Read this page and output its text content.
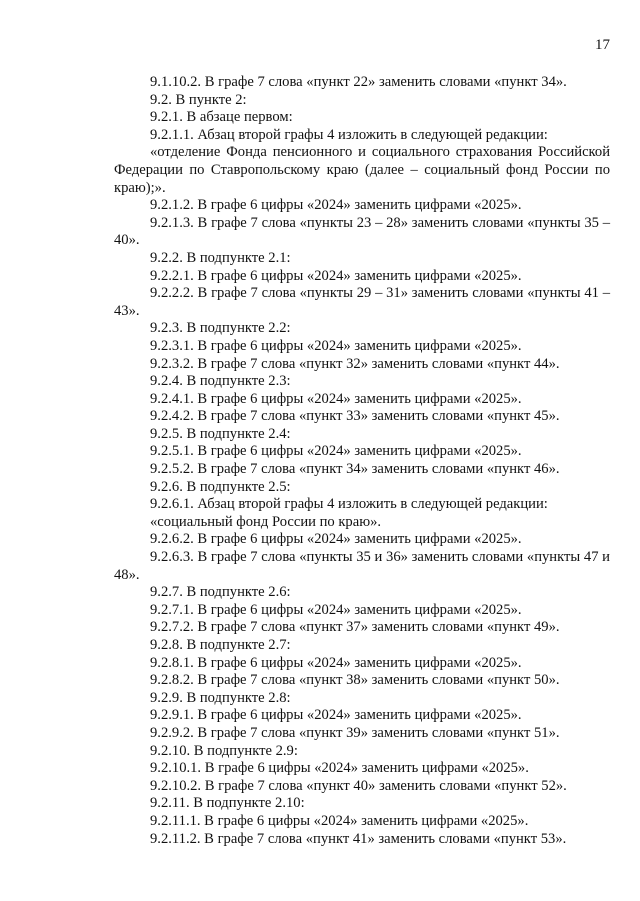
17

9.1.10.2. В графе 7 слова «пункт 22» заменить словами «пункт 34».

9.2. В пункте 2:

9.2.1. В абзаце первом:

9.2.1.1. Абзац второй графы 4 изложить в следующей редакции:

«отделение Фонда пенсионного и социального страхования Российской Федерации по Ставропольскому краю (далее – социальный фонд России по краю);».

9.2.1.2. В графе 6 цифры «2024» заменить цифрами «2025».

9.2.1.3. В графе 7 слова «пункты 23 – 28» заменить словами «пункты 35 – 40».

9.2.2. В подпункте 2.1:

9.2.2.1. В графе 6 цифры «2024» заменить цифрами «2025».

9.2.2.2. В графе 7 слова «пункты 29 – 31» заменить словами «пункты 41 – 43».

9.2.3. В подпункте 2.2:

9.2.3.1. В графе 6 цифры «2024» заменить цифрами «2025».

9.2.3.2. В графе 7 слова «пункт 32» заменить словами «пункт 44».

9.2.4. В подпункте 2.3:

9.2.4.1. В графе 6 цифры «2024» заменить цифрами «2025».

9.2.4.2. В графе 7 слова «пункт 33» заменить словами «пункт 45».

9.2.5. В подпункте 2.4:

9.2.5.1. В графе 6 цифры «2024» заменить цифрами «2025».

9.2.5.2. В графе 7 слова «пункт 34» заменить словами «пункт 46».

9.2.6. В подпункте 2.5:

9.2.6.1. Абзац второй графы 4 изложить в следующей редакции:

«социальный фонд России по краю».

9.2.6.2. В графе 6 цифры «2024» заменить цифрами «2025».

9.2.6.3. В графе 7 слова «пункты 35 и 36» заменить словами «пункты 47 и 48».

9.2.7. В подпункте 2.6:

9.2.7.1. В графе 6 цифры «2024» заменить цифрами «2025».

9.2.7.2. В графе 7 слова «пункт 37» заменить словами «пункт 49».

9.2.8. В подпункте 2.7:

9.2.8.1. В графе 6 цифры «2024» заменить цифрами «2025».

9.2.8.2. В графе 7 слова «пункт 38» заменить словами «пункт 50».

9.2.9. В подпункте 2.8:

9.2.9.1. В графе 6 цифры «2024» заменить цифрами «2025».

9.2.9.2. В графе 7 слова «пункт 39» заменить словами «пункт 51».

9.2.10. В подпункте 2.9:

9.2.10.1. В графе 6 цифры «2024» заменить цифрами «2025».

9.2.10.2. В графе 7 слова «пункт 40» заменить словами «пункт 52».

9.2.11. В подпункте 2.10:

9.2.11.1. В графе 6 цифры «2024» заменить цифрами «2025».

9.2.11.2. В графе 7 слова «пункт 41» заменить словами «пункт 53».
